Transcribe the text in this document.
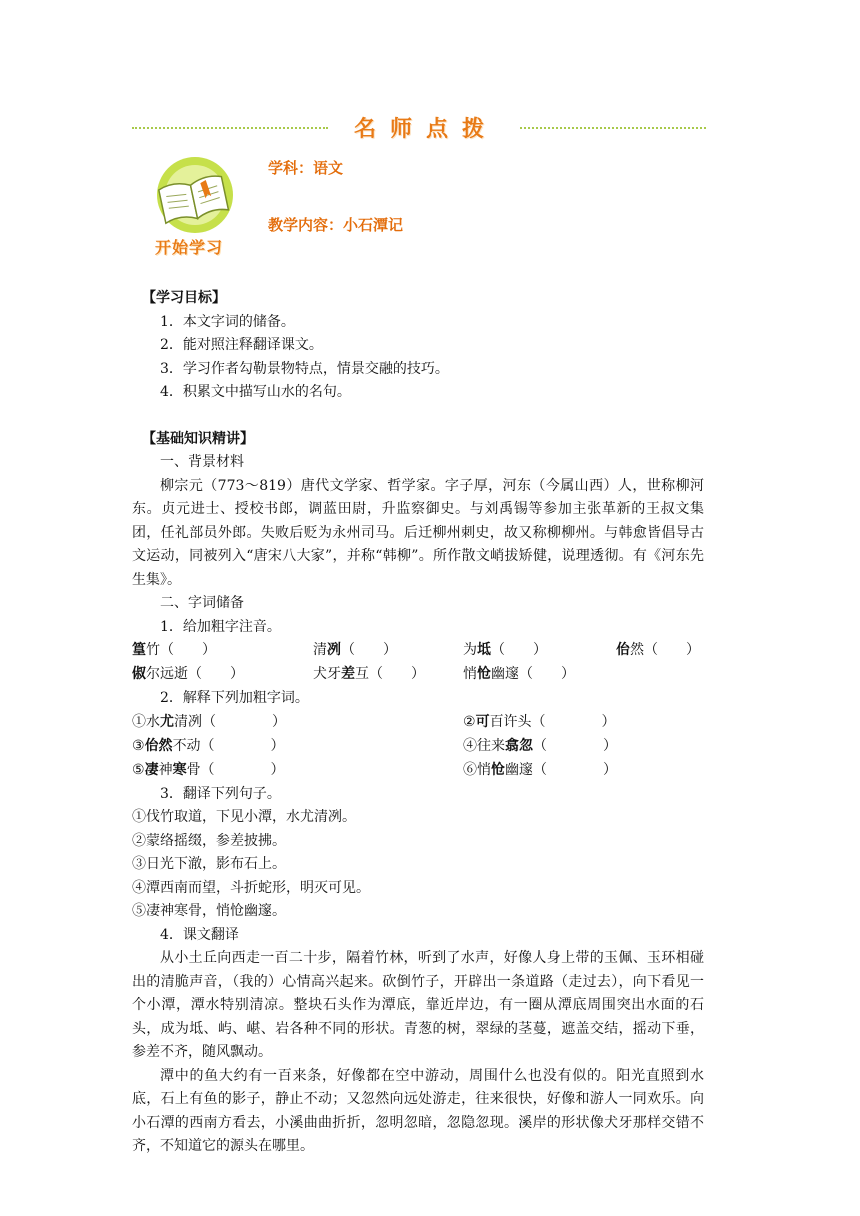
名师点拨
开始学习
学科：语文
教学内容：小石潭记

【学习目标】

1．本文字词的储备。

2．能对照注释翻译课文。

3．学习作者勾勒景物特点，情景交融的技巧。

4．积累文中描写山水的名句。

【基础知识精讲】

一、背景材料

柳宗元（773～819）唐代文学家、哲学家。字子厚，河东（今属山西）人，世称柳河东。贞元进士、授校书郎，调蓝田尉，升监察御史。与刘禹锡等参加主张革新的王叔文集团，任礼部员外郎。失败后贬为永州司马。后迁柳州刺史，故又称柳柳州。与韩愈皆倡导古文运动，同被列入“唐宋八大家”，并称“韩柳”。所作散文峭拔矫健，说理透彻。有《河东先生集》。

二、字词储备

1．给加粗字注音。

篁竹（　　）	清冽（　　）	为坻（　　）	佁然（　　）
俶尔远逝（　　）	犬牙差互（　　）	悄怆幽邃（　　）

2．解释下列加粗字词。

①水尤清冽（　　　　）	②可百许头（　　　　）
③佁然不动（　　　　）	④往来翕忽（　　　　）
⑤凄神寒骨（　　　　）	⑥悄怆幽邃（　　　　）

3．翻译下列句子。

①伐竹取道，下见小潭，水尤清冽。

②蒙络摇缀，参差披拂。

③日光下澈，影布石上。

④潭西南而望，斗折蛇形，明灭可见。

⑤凄神寒骨，悄怆幽邃。

4．课文翻译

从小土丘向西走一百二十步，隔着竹林，听到了水声，好像人身上带的玉佩、玉环相碰出的清脆声音，（我的）心情高兴起来。砍倒竹子，开辟出一条道路（走过去），向下看见一个小潭，潭水特别清凉。整块石头作为潭底，靠近岸边，有一圈从潭底周围突出水面的石头，成为坻、屿、嵁、岩各种不同的形状。青葱的树，翠绿的茎蔓，遮盖交结，摇动下垂，参差不齐，随风飘动。

潭中的鱼大约有一百来条，好像都在空中游动，周围什么也没有似的。阳光直照到水底，石上有鱼的影子，静止不动；又忽然向远处游走，往来很快，好像和游人一同欢乐。向小石潭的西南方看去，小溪曲曲折折，忽明忽暗，忽隐忽现。溪岸的形状像犬牙那样交错不齐，不知道它的源头在哪里。
